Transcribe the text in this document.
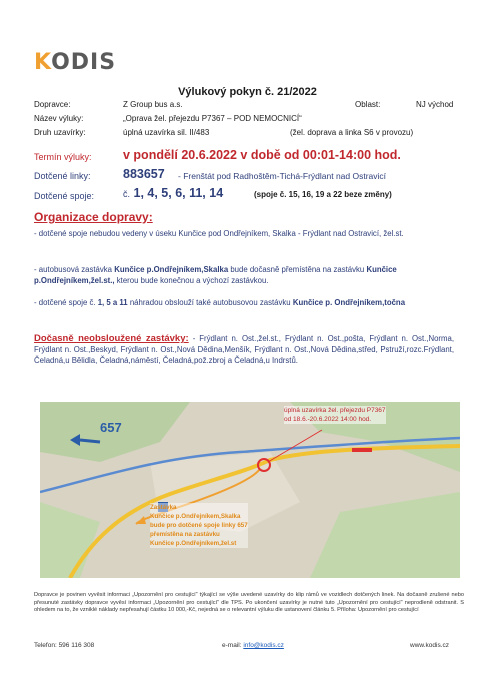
KODIS
Výlukový pokyn č. 21/2022
Dopravce:	Z Group bus a.s.	Oblast:	NJ východ
Název výluky:	„Oprava žel. přejezdu P7367 – POD NEMOCNICÍ“
Druh uzavírky:	úplná uzavírka sil. II/483	(žel. doprava a linka S6 v provozu)
Termín výluky:	v pondělí 20.6.2022 v době od 00:01-14:00 hod.
Dotčené linky:	883657 - Frenštát pod Radhoštěm-Tichá-Frýdlant nad Ostravicí
Dotčené spoje:	č. 1, 4, 5, 6, 11, 14	(spoje č. 15, 16, 19 a 22 beze změny)
Organizace dopravy:
- dotčené spoje nebudou vedeny v úseku Kunčice pod Ondřejníkem, Skalka - Frýdlant nad Ostravicí, žel.st.
- autobusová zastávka Kunčice p.Ondřejníkem,Skalka bude dočasně přemístěna na zastávku Kunčice p.Ondřejníkem,žel.st., kterou bude konečnou a výchozí zastávkou.
- dotčené spoje č. 1, 5 a 11 náhradou obslouží také autobusovou zastávku Kunčice p. Ondřejníkem,točna
Dočasně neobsloužené zastávky: - Frýdlant n. Ost.,žel.st., Frýdlant n. Ost.,pošta, Frýdlant n. Ost.,Norma, Frýdlant n. Ost.,Beskyd, Frýdlant n. Ost.,Nová Dědina,Menšík, Frýdlant n. Ost.,Nová Dědina,střed, Pstruží,rozc.Frýdlant, Čeladná,u Bělidla, Čeladná,náměstí, Čeladná,pož.zbroj a Čeladná,u Indrstů.
657
úplná uzavírka žel. přejezdu P7367
od 18.6.-20.6.2022 14:00 hod.
Zastávka
Kunčice p.Ondřejníkem,Skalka
bude pro dotčené spoje linky 657
přemístěna na zastávku
Kunčice p.Ondřejníkem,žel.st
Dopravce je povinen vyvěsit informaci „Upozornění pro cestující“ týkající se výše uvedené uzavírky do klip rámů ve vozidlech dotčených linek. Na dočasně zrušené nebo přesunuté zastávky dopravce vyvěsí informaci „Upozornění pro cestující“ dle TPS. Po ukončení uzavírky je nutné tuto „Upozornění pro cestující“ neprodleně odstranit. S ohledem na to, že vzniklé náklady nepřesahují částku 10 000,-Kč, nejedná se o relevantní výluku dle ustanovení článku 5. Příloha: Upozornění pro cestující
Telefon: 596 116 308	e-mail: info@kodis.cz	www.kodis.cz
